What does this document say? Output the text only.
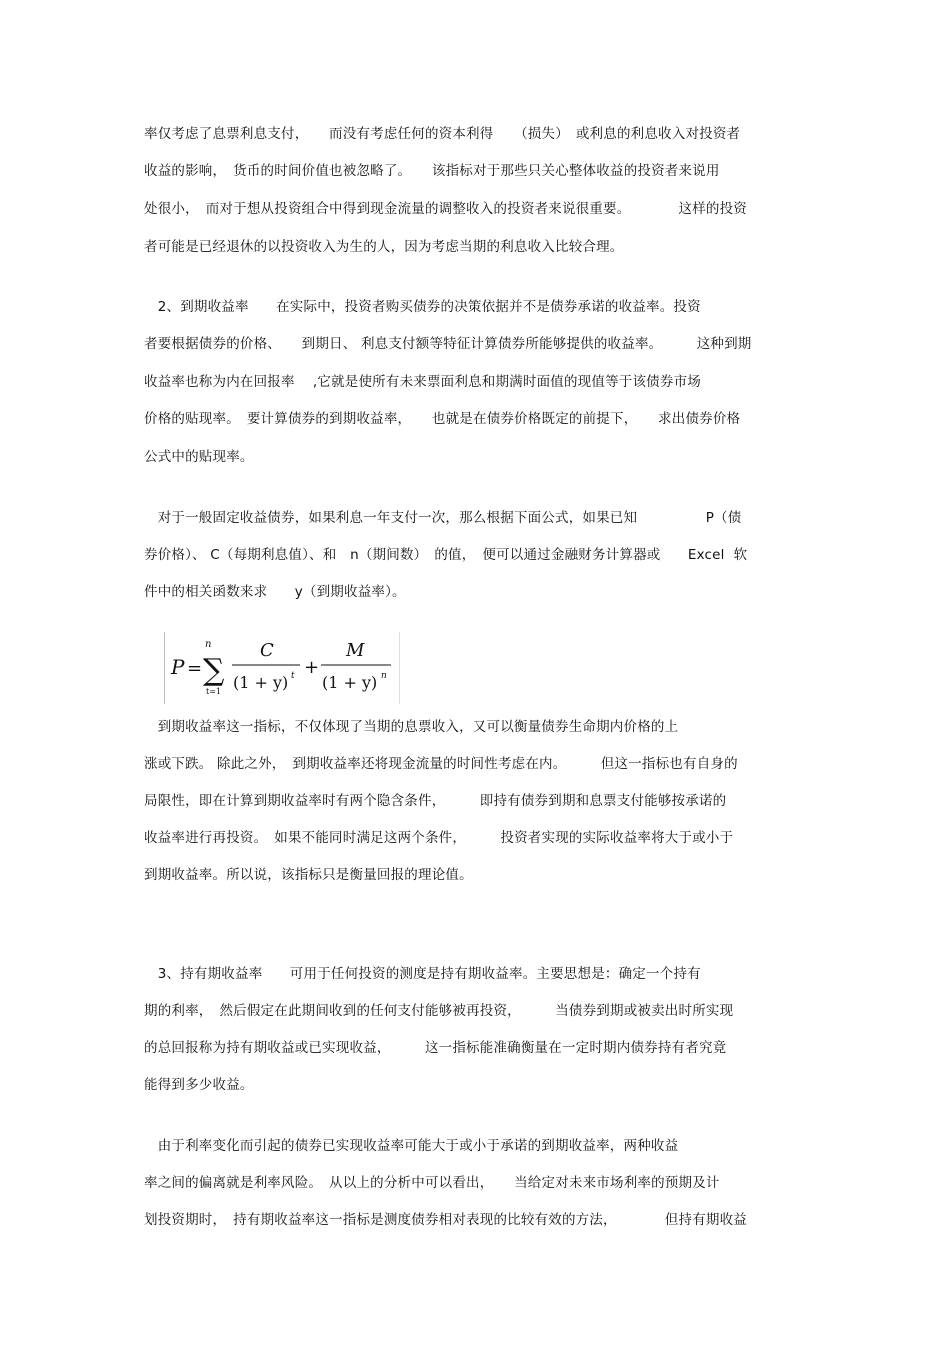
率仅考虑了息票利息支付，　　而没有考虑任何的资本利得　　（损失）　或利息的利息收入对投资者
收益的影响，　货币的时间价值也被忽略了。　　该指标对于那些只关心整体收益的投资者来说用
处很小，　而对于想从投资组合中得到现金流量的调整收入的投资者来说很重要。　　　　这样的投资
者可能是已经退休的以投资收入为生的人，因为考虑当期的利息收入比较合理。
　2、到期收益率　　在实际中，投资者购买债券的决策依据并不是债券承诺的收益率。投资
者要根据债券的价格、　　到期日、 利息支付额等特征计算债券所能够提供的收益率。　　　这种到期
收益率也称为内在回报率　 ,它就是使所有未来票面利息和期满时面值的现值等于该债券市场
价格的贴现率。　要计算债券的到期收益率，　　也就是在债券价格既定的前提下，　　求出债券价格
公式中的贴现率。
　对于一般固定收益债券，如果利息一年支付一次，那么根据下面公式，如果已知　　　　　P（债
券价格）、 C（每期利息值）、和　n（期间数）　的值，　便可以通过金融财务计算器或　　Excel  软
件中的相关函数来求　　y（到期收益率）。
P =
n
∑
t=1
C
(1 + y) t +
M
(1 + y) n
　到期收益率这一指标，不仅体现了当期的息票收入，又可以衡量债券生命期内价格的上
涨或下跌。 除此之外，　到期收益率还将现金流量的时间性考虑在内。　　　但这一指标也有自身的
局限性，即在计算到期收益率时有两个隐含条件，　　　即持有债券到期和息票支付能够按承诺的
收益率进行再投资。　如果不能同时满足这两个条件，　　　投资者实现的实际收益率将大于或小于
到期收益率。所以说，该指标只是衡量回报的理论值。
　3、持有期收益率　　可用于任何投资的测度是持有期收益率。主要思想是：确定一个持有
期的利率，　然后假定在此期间收到的任何支付能够被再投资，　　　当债券到期或被卖出时所实现
的总回报称为持有期收益或已实现收益，　　　这一指标能准确衡量在一定时期内债券持有者究竟
能得到多少收益。
　由于利率变化而引起的债券已实现收益率可能大于或小于承诺的到期收益率，两种收益
率之间的偏离就是利率风险。　从以上的分析中可以看出，　　当给定对未来市场利率的预期及计
划投资期时，　持有期收益率这一指标是测度债券相对表现的比较有效的方法，　　　　但持有期收益
